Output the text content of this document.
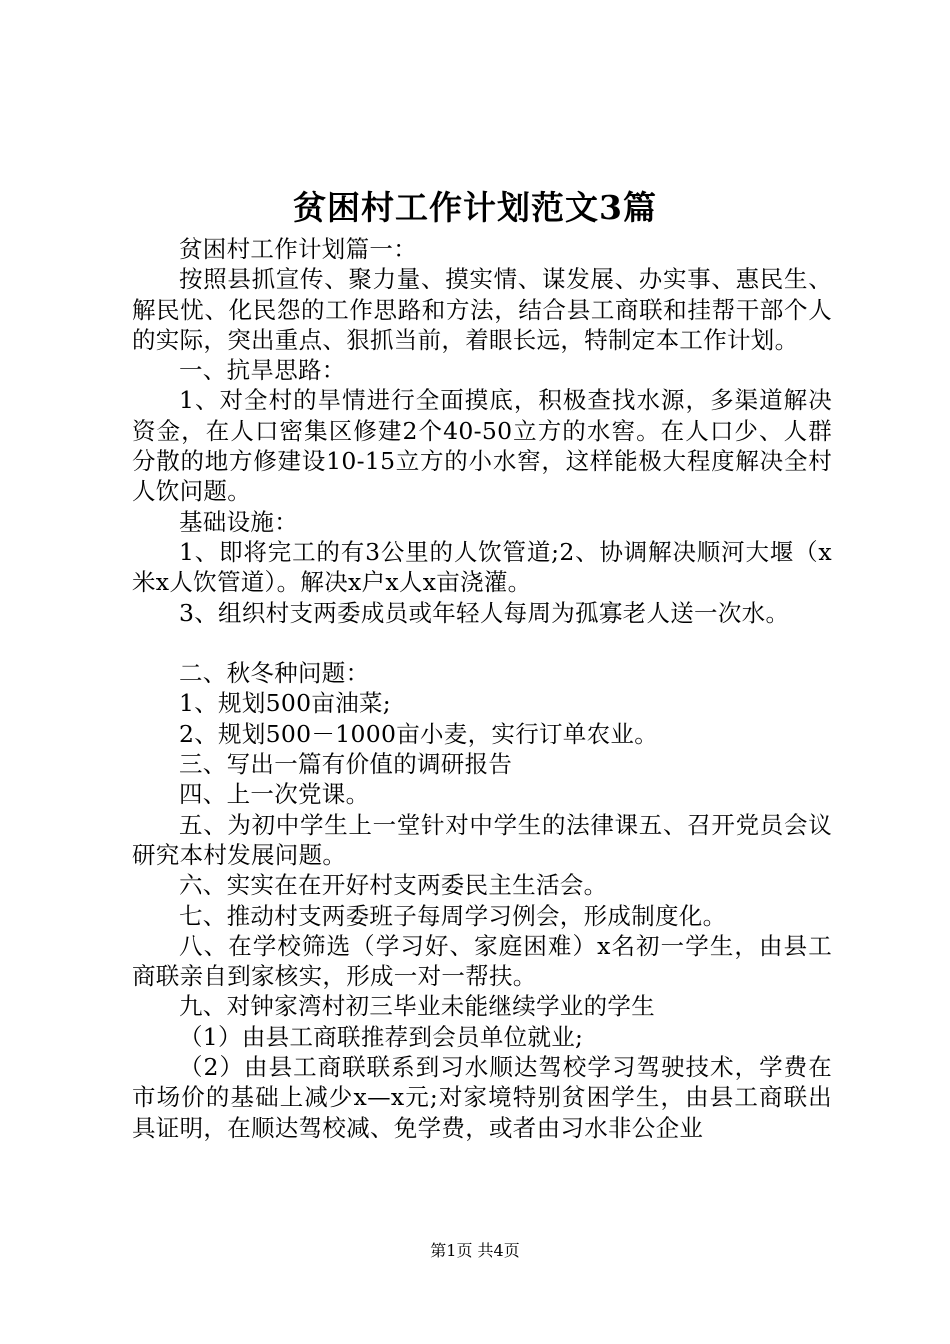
贫困村工作计划范文3篇

贫困村工作计划篇一：

按照县抓宣传、聚力量、摸实情、谋发展、办实事、惠民生、解民忧、化民怨的工作思路和方法，结合县工商联和挂帮干部个人的实际，突出重点、狠抓当前，着眼长远，特制定本工作计划。

一、抗旱思路：

1、对全村的旱情进行全面摸底，积极查找水源，多渠道解决资金，在人口密集区修建2个40-50立方的水窖。在人口少、人群分散的地方修建设10-15立方的小水窖，这样能极大程度解决全村人饮问题。

基础设施：

1、即将完工的有3公里的人饮管道;2、协调解决顺河大堰（x米x人饮管道）。解决x户x人x亩浇灌。

3、组织村支两委成员或年轻人每周为孤寡老人送一次水。

二、秋冬种问题：

1、规划500亩油菜;

2、规划500－1000亩小麦，实行订单农业。

三、写出一篇有价值的调研报告

四、上一次党课。

五、为初中学生上一堂针对中学生的法律课五、召开党员会议研究本村发展问题。

六、实实在在开好村支两委民主生活会。

七、推动村支两委班子每周学习例会，形成制度化。

八、在学校筛选（学习好、家庭困难）x名初一学生，由县工商联亲自到家核实，形成一对一帮扶。

九、对钟家湾村初三毕业未能继续学业的学生

（1）由县工商联推荐到会员单位就业;

（2）由县工商联联系到习水顺达驾校学习驾驶技术，学费在市场价的基础上减少x—x元;对家境特别贫困学生，由县工商联出具证明，在顺达驾校减、免学费，或者由习水非公企业

第1页 共4页
